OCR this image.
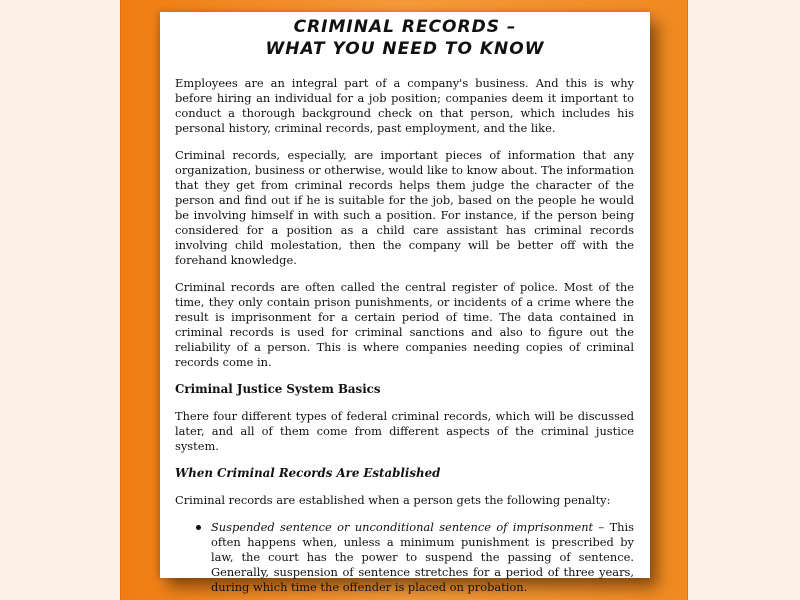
CRIMINAL RECORDS –
WHAT YOU NEED TO KNOW

Employees are an integral part of a company's business. And this is why before hiring an individual for a job position; companies deem it important to conduct a thorough background check on that person, which includes his personal history, criminal records, past employment, and the like.

Criminal records, especially, are important pieces of information that any organization, business or otherwise, would like to know about. The information that they get from criminal records helps them judge the character of the person and find out if he is suitable for the job, based on the people he would be involving himself in with such a position. For instance, if the person being considered for a position as a child care assistant has criminal records involving child molestation, then the company will be better off with the forehand knowledge.

Criminal records are often called the central register of police. Most of the time, they only contain prison punishments, or incidents of a crime where the result is imprisonment for a certain period of time. The data contained in criminal records is used for criminal sanctions and also to figure out the reliability of a person. This is where companies needing copies of criminal records come in.

Criminal Justice System Basics

There four different types of federal criminal records, which will be discussed later, and all of them come from different aspects of the criminal justice system.

When Criminal Records Are Established

Criminal records are established when a person gets the following penalty:

Suspended sentence or unconditional sentence of imprisonment – This often happens when, unless a minimum punishment is prescribed by law, the court has the power to suspend the passing of sentence. Generally, suspension of sentence stretches for a period of three years, during which time the offender is placed on probation.
